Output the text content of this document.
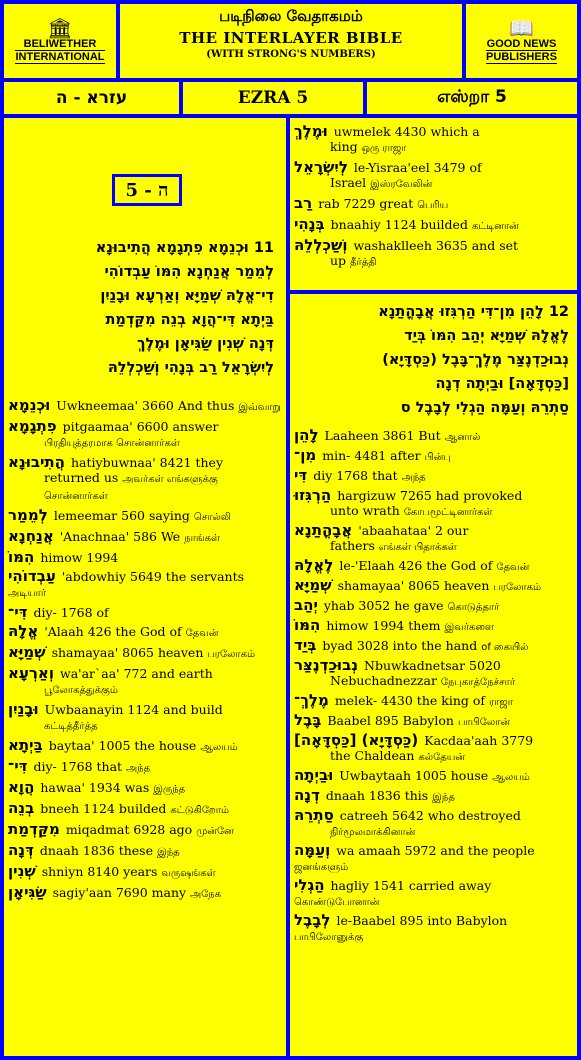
🏛
BELIWETHER
INTERNATIONAL
படிநிலை வேதாகமம்
THE INTERLAYER BIBLE
(WITH STRONG'S NUMBERS)
📖
GOOD NEWS
PUBLISHERS
עזרא - ה	EZRA 5	எஸ்றா 5
ה - 5
11 וּכְנֵמָא פִתְגָמָא הֲתִיבוּנָא
לְמֵמַר אֲנַחְנָא הִמּוֹ עַבְדוֹהִי
דִי־אֱלָהּ שְׁמַיָּא וְאַרְעָא וּבָנַיִן
בַּיְתָא דִּי־הֲוָא בְנֵה מִקַּדְמַת
דְּנָה שְׁנִין שַׂגִּיאָן וּמֶלֶךְ
לְיִשְׂרָאֵל רַב בְּנָהִי וְשַׁכְלְלֵהּ
וּכְנֵמָא Uwkneemaa' 3660 And thus இவ்வாறு
פִתְגָמָא pitgaamaa' 6600 answer
பிரதியுத்தரமாக சொன்னார்கள்
הֲתִיבוּנָא hatiybuwnaa' 8421 they
returned us அவர்கள் எங்களுக்கு சொன்னார்கள்
לְמֵמַר lemeemar 560 saying சொல்லி
אֲנַחְנָא 'Anachnaa' 586 We நாங்கள்
הִמּוֹ himow 1994
עַבְדוֹהִי 'abdowhiy 5649 the servants அடியார்
דִּי־ diy- 1768 of
אֱלָהּ 'Alaah 426 the God of தேவன்
שְׁמַיָּא shamayaa' 8065 heaven பரலோகம்
וְאַרְעָא wa'ar`aa' 772 and earth
பூலோகத்துக்கும்
וּבָנַיִן Uwbaanayin 1124 and build
கட்டித்தீர்த்த
בַּיְתָא baytaa' 1005 the house ஆலயம்
דִּי־ diy- 1768 that அந்த
הֲוָא hawaa' 1934 was இருந்த
בְנֵה bneeh 1124 builded கட்டுகிறோம்
מִקַּדְמַת miqadmat 6928 ago முன்னே
דְּנָה dnaah 1836 these இந்த
שְׁנִין shniyn 8140 years வருஷங்கள்
שַׂגִּיאָן sagiy'aan 7690 many அநேக
וּמֶלֶךְ uwmelek 4430 which a
king ஒரு ராஜா
לְיִשְׂרָאֵל le-Yisraa'eel 3479 of
Israel இஸ்ரவேலின்
רַב rab 7229 great பெரிய
בְּנָהִי bnaahiy 1124 builded கட்டினான்
וְשַׁכְלְלֵהּ washaklleeh 3635 and set
up தீர்த்தி
12 לָהֵן מִן־דִּי הַרְגִּזוּ אֲבָהֳתַנָא
לֶאֱלָהּ שְׁמַיָּא יְהַב הִמּוֹ בְּיַד
נְבוּכַדְנֶצַּר מֶלֶךְ־בָּבֶל (כַּסְדָּיָא)
[כַּסְדָּאָה] וּבַיְתָה דְנָה
סַתְרֵהּ וְעַמָּה הַגְלִי לְבָבֶל ס
לָהֵן Laaheen 3861 But ஆனால்
מִן־ min- 4481 after பின்பு
דִּי diy 1768 that அந்த
הַרְגִּזוּ hargizuw 7265 had provoked
unto wrath கோபமூட்டினார்கள்
אֲבָהֳתַנָא 'abaahataa' 2 our
fathers எங்கள் பிதாக்கள்
לֶאֱלָהּ le-'Elaah 426 the God of தேவன்
שְׁמַיָּא shamayaa' 8065 heaven பரலோகம்
יְהַב yhab 3052 he gave கொடுத்தார்
הִמּוֹ himow 1994 them இவர்களை
בְּיַד byad 3028 into the hand of கையில்
נְבוּכַדְנֶצַּר Nbuwkadnetsar 5020
Nebuchadnezzar நேபுகாத்நேச்சார்
מֶלֶךְ־ melek- 4430 the king of ராஜா
בָּבֶל Baabel 895 Babylon பாபிலோன்
[כַּסְדָּאָה] (כַּסְדָּיָא) Kacdaa'aah 3779
the Chaldean கல்தேயன்
וּבַיְתָה Uwbaytaah 1005 house ஆலயம்
דְנָה dnaah 1836 this இந்த
סַתְרֵהּ catreeh 5642 who destroyed
நிர்மூலமாக்கினான்
וְעַמָּה wa amaah 5972 and the people ஜனங்களும்
הַגְלִי hagliy 1541 carried away கொண்டுபோனான்
לְבָבֶל le-Baabel 895 into Babylon பாபிலோனுக்கு
